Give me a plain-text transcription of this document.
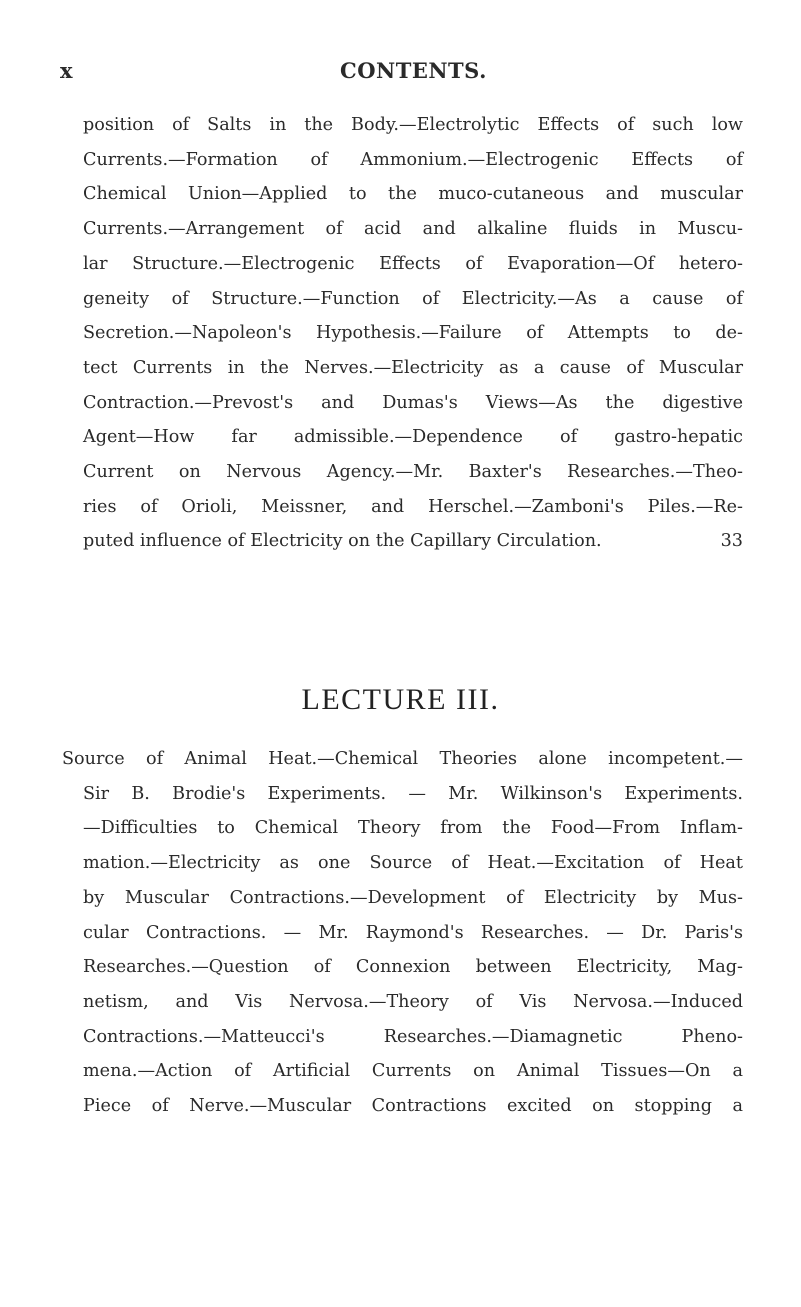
x	CONTENTS.
position of Salts in the Body.—Electrolytic Effects of such low
Currents.—Formation of Ammonium.—Electrogenic Effects of
Chemical Union—Applied to the muco-cutaneous and muscular
Currents.—Arrangement of acid and alkaline fluids in Muscu-
lar Structure.—Electrogenic Effects of Evaporation—Of hetero-
geneity of Structure.—Function of Electricity.—As a cause of
Secretion.—Napoleon's Hypothesis.—Failure of Attempts to de-
tect Currents in the Nerves.—Electricity as a cause of Muscular
Contraction.—Prevost's and Dumas's Views—As the digestive
Agent—How far admissible.—Dependence of gastro-hepatic
Current on Nervous Agency.—Mr. Baxter's Researches.—Theo-
ries of Orioli, Meissner, and Herschel.—Zamboni's Piles.—Re-
puted influence of Electricity on the Capillary Circulation.	33
LECTURE III.
Source of Animal Heat.—Chemical Theories alone incompetent.—
Sir B. Brodie's Experiments. — Mr. Wilkinson's Experiments.
—Difficulties to Chemical Theory from the Food—From Inflam-
mation.—Electricity as one Source of Heat.—Excitation of Heat
by Muscular Contractions.—Development of Electricity by Mus-
cular Contractions. — Mr. Raymond's Researches. — Dr. Paris's
Researches.—Question of Connexion between Electricity, Mag-
netism, and Vis Nervosa.—Theory of Vis Nervosa.—Induced
Contractions.—Matteucci's Researches.—Diamagnetic Pheno-
mena.—Action of Artificial Currents on Animal Tissues—On a
Piece of Nerve.—Muscular Contractions excited on stopping a
